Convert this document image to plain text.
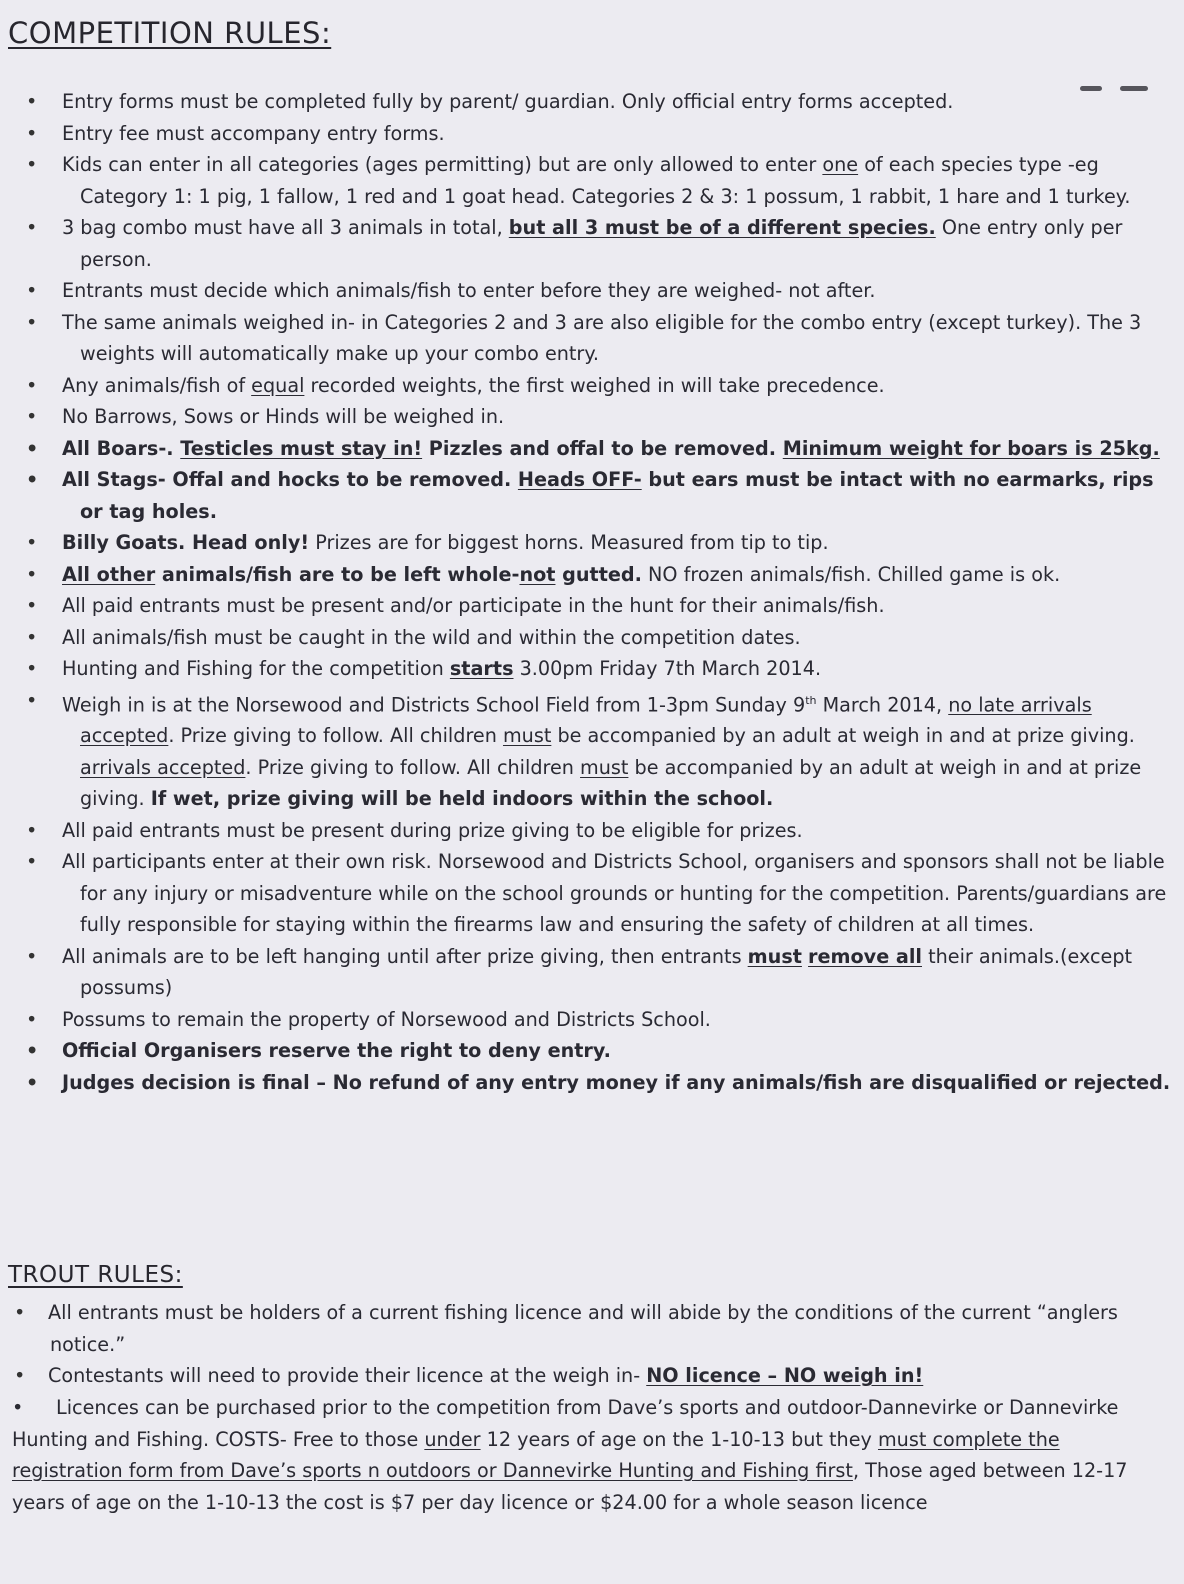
COMPETITION RULES:
• Entry forms must be completed fully by parent/ guardian. Only official entry forms accepted.
• Entry fee must accompany entry forms.
• Kids can enter in all categories (ages permitting) but are only allowed to enter one of each species type -eg Category 1: 1 pig, 1 fallow, 1 red and 1 goat head. Categories 2 & 3: 1 possum, 1 rabbit, 1 hare and 1 turkey.
• 3 bag combo must have all 3 animals in total, but all 3 must be of a different species. One entry only per person.
• Entrants must decide which animals/fish to enter before they are weighed- not after.
• The same animals weighed in- in Categories 2 and 3 are also eligible for the combo entry (except turkey). The 3 weights will automatically make up your combo entry.
• Any animals/fish of equal recorded weights, the first weighed in will take precedence.
• No Barrows, Sows or Hinds will be weighed in.
• All Boars-. Testicles must stay in! Pizzles and offal to be removed. Minimum weight for boars is 25kg.
• All Stags- Offal and hocks to be removed. Heads OFF- but ears must be intact with no earmarks, rips or tag holes.
• Billy Goats. Head only! Prizes are for biggest horns. Measured from tip to tip.
• All other animals/fish are to be left whole-not gutted. NO frozen animals/fish. Chilled game is ok.
• All paid entrants must be present and/or participate in the hunt for their animals/fish.
• All animals/fish must be caught in the wild and within the competition dates.
• Hunting and Fishing for the competition starts 3.00pm Friday 7th March 2014.
• Weigh in is at the Norsewood and Districts School Field from 1-3pm Sunday 9th March 2014, no late arrivals accepted. Prize giving to follow. All children must be accompanied by an adult at weigh in and at prize giving. arrivals accepted. Prize giving to follow. All children must be accompanied by an adult at weigh in and at prize giving. If wet, prize giving will be held indoors within the school.
• All paid entrants must be present during prize giving to be eligible for prizes.
• All participants enter at their own risk. Norsewood and Districts School, organisers and sponsors shall not be liable for any injury or misadventure while on the school grounds or hunting for the competition. Parents/guardians are fully responsible for staying within the firearms law and ensuring the safety of children at all times.
• All animals are to be left hanging until after prize giving, then entrants must remove all their animals.(except possums)
• Possums to remain the property of Norsewood and Districts School.
• Official Organisers reserve the right to deny entry.
• Judges decision is final – No refund of any entry money if any animals/fish are disqualified or rejected.
TROUT RULES:
• All entrants must be holders of a current fishing licence and will abide by the conditions of the current “anglers notice.”
• Contestants will need to provide their licence at the weigh in- NO licence – NO weigh in!
• Licences can be purchased prior to the competition from Dave’s sports and outdoor-Dannevirke or Dannevirke Hunting and Fishing. COSTS- Free to those under 12 years of age on the 1-10-13 but they must complete the registration form from Dave’s sports n outdoors or Dannevirke Hunting and Fishing first, Those aged between 12-17 years of age on the 1-10-13 the cost is $7 per day licence or $24.00 for a whole season licence
